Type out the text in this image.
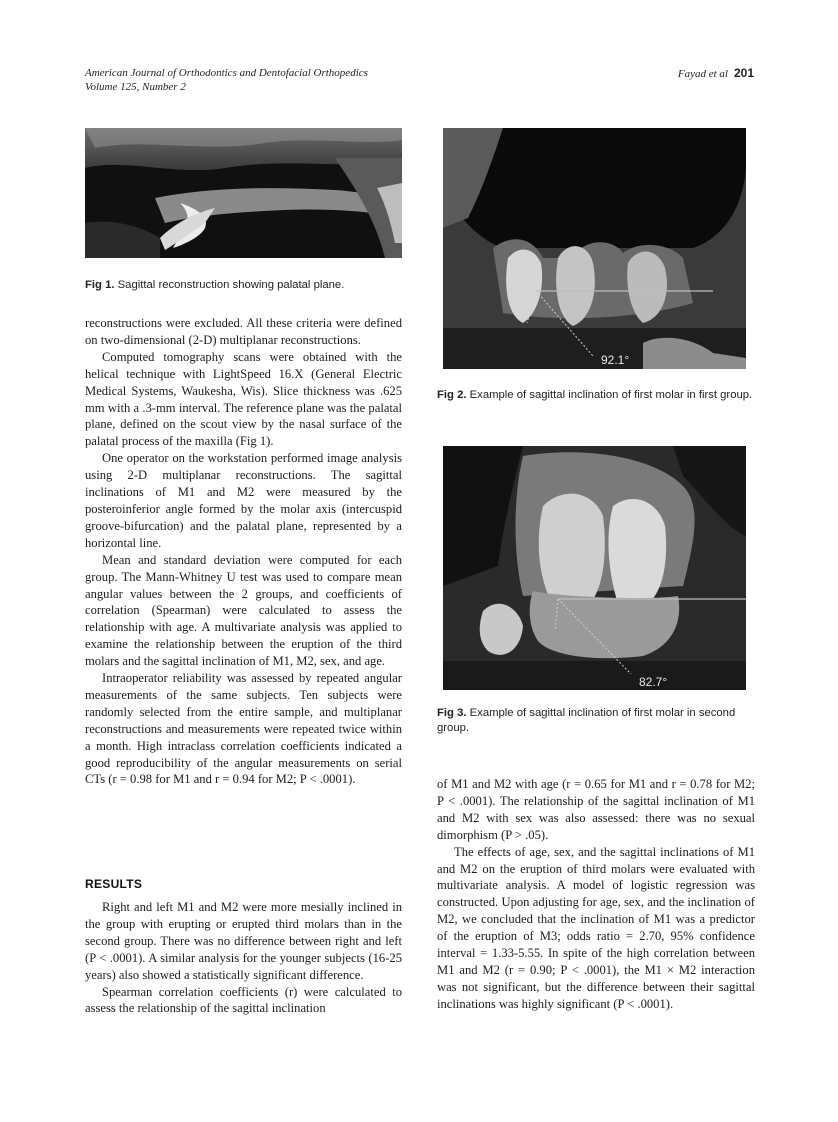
American Journal of Orthodontics and Dentofacial Orthopedics
Volume 125, Number 2
Fayad et al 201
Fig 1. Sagittal reconstruction showing palatal plane.
92.1°
Fig 2. Example of sagittal inclination of first molar in first group.
82.7°
Fig 3. Example of sagittal inclination of first molar in second group.

reconstructions were excluded. All these criteria were defined on two-dimensional (2-D) multiplanar reconstructions.

Computed tomography scans were obtained with the helical technique with LightSpeed 16.X (General Electric Medical Systems, Waukesha, Wis). Slice thickness was .625 mm with a .3-mm interval. The reference plane was the palatal plane, defined on the scout view by the nasal surface of the palatal process of the maxilla (Fig 1).

One operator on the workstation performed image analysis using 2-D multiplanar reconstructions. The sagittal inclinations of M1 and M2 were measured by the posteroinferior angle formed by the molar axis (intercuspid groove-bifurcation) and the palatal plane, represented by a horizontal line.

Mean and standard deviation were computed for each group. The Mann-Whitney U test was used to compare mean angular values between the 2 groups, and coefficients of correlation (Spearman) were calculated to assess the relationship with age. A multivariate analysis was applied to examine the relationship between the eruption of the third molars and the sagittal inclination of M1, M2, sex, and age.

Intraoperator reliability was assessed by repeated angular measurements of the same subjects. Ten subjects were randomly selected from the entire sample, and multiplanar reconstructions and measurements were repeated twice within a month. High intraclass correlation coefficients indicated a good reproducibility of the angular measurements on serial CTs (r = 0.98 for M1 and r = 0.94 for M2; P < .0001).

RESULTS

Right and left M1 and M2 were more mesially inclined in the group with erupting or erupted third molars than in the second group. There was no difference between right and left (P < .0001). A similar analysis for the younger subjects (16-25 years) also showed a statistically significant difference.

Spearman correlation coefficients (r) were calculated to assess the relationship of the sagittal inclination

of M1 and M2 with age (r = 0.65 for M1 and r = 0.78 for M2; P < .0001). The relationship of the sagittal inclination of M1 and M2 with sex was also assessed: there was no sexual dimorphism (P > .05).

The effects of age, sex, and the sagittal inclinations of M1 and M2 on the eruption of third molars were evaluated with multivariate analysis. A model of logistic regression was constructed. Upon adjusting for age, sex, and the inclination of M2, we concluded that the inclination of M1 was a predictor of the eruption of M3; odds ratio = 2.70, 95% confidence interval = 1.33-5.55. In spite of the high correlation between M1 and M2 (r = 0.90; P < .0001), the M1 × M2 interaction was not significant, but the difference between their sagittal inclinations was highly significant (P < .0001).
